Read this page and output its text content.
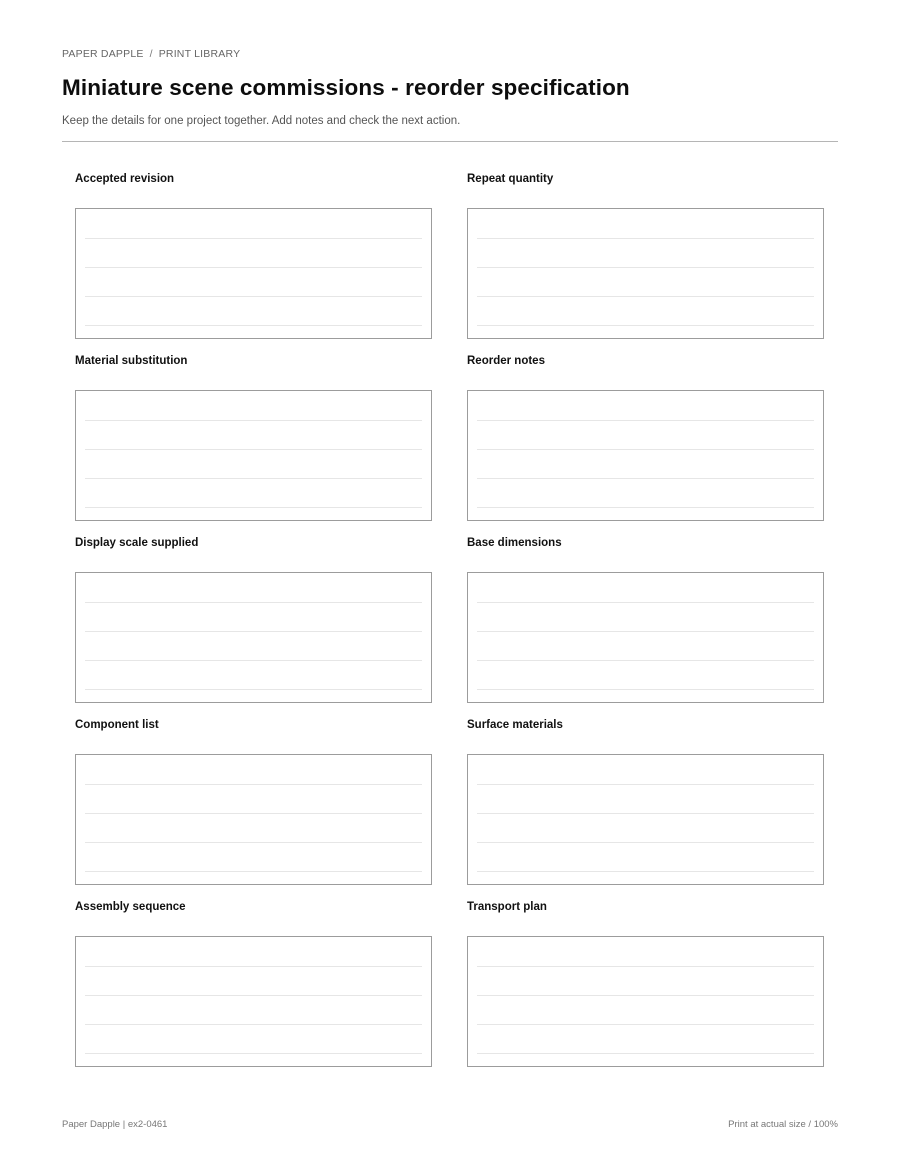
PAPER DAPPLE / PRINT LIBRARY
Miniature scene commissions - reorder specification

Keep the details for one project together. Add notes and check the next action.

Accepted revision	Repeat quantity
Material substitution	Reorder notes
Display scale supplied	Base dimensions
Component list	Surface materials
Assembly sequence	Transport plan
Paper Dapple | ex2-0461	Print at actual size / 100%
